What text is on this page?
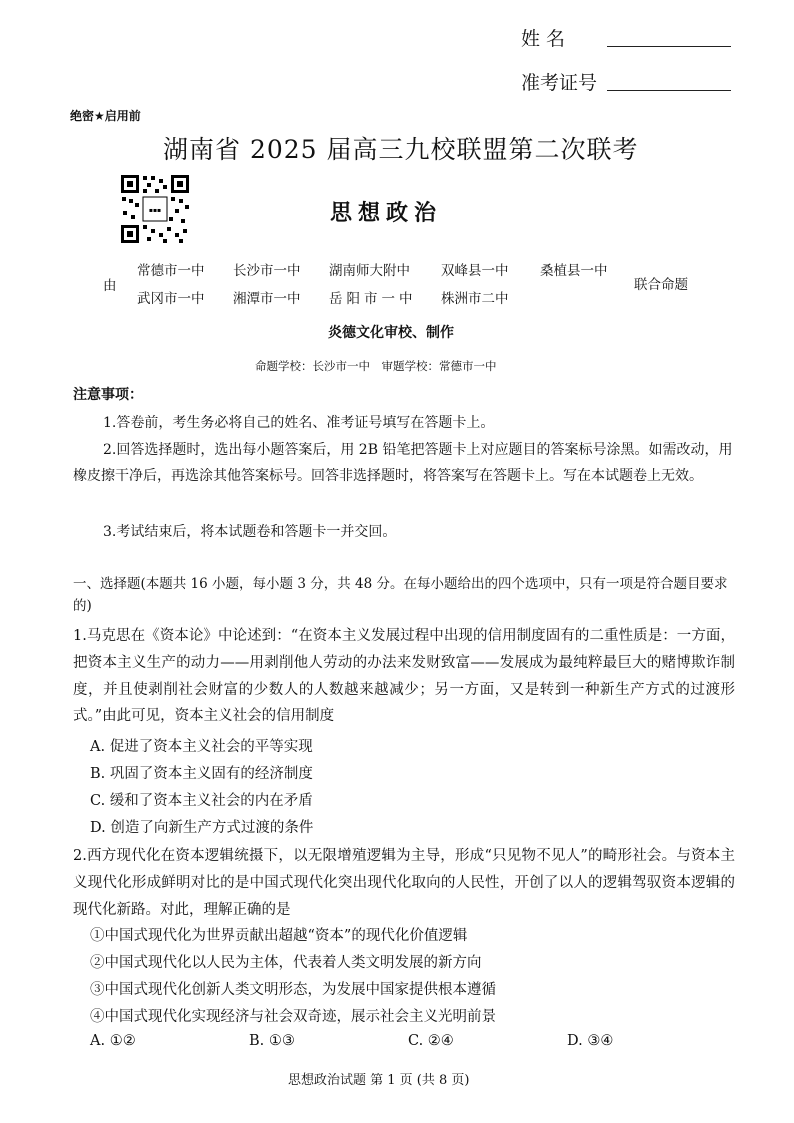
姓 名
准考证号
绝密★启用前
湖南省 2025 届高三九校联盟第二次联考
▪▪▪	思想政治
由
常德市一中 长沙市一中 湖南师大附中 双峰县一中 桑植县一中
武冈市一中 湘潭市一中 岳阳市一中 株洲市二中
联合命题
炎德文化审校、制作
命题学校：长沙市一中　审题学校：常德市一中
注意事项：
1.答卷前，考生务必将自己的姓名、准考证号填写在答题卡上。
2.回答选择题时，选出每小题答案后，用 2B 铅笔把答题卡上对应题目的答案标号涂黑。如需改动，用橡皮擦干净后，再选涂其他答案标号。回答非选择题时，将答案写在答题卡上。写在本试题卷上无效。
3.考试结束后，将本试题卷和答题卡一并交回。
一、选择题(本题共 16 小题，每小题 3 分，共 48 分。在每小题给出的四个选项中，只有一项是符合题目要求的)
1.马克思在《资本论》中论述到：“在资本主义发展过程中出现的信用制度固有的二重性质是：一方面，把资本主义生产的动力——用剥削他人劳动的办法来发财致富——发展成为最纯粹最巨大的赌博欺诈制度，并且使剥削社会财富的少数人的人数越来越减少；另一方面，又是转到一种新生产方式的过渡形式。”由此可见，资本主义社会的信用制度
A. 促进了资本主义社会的平等实现
B. 巩固了资本主义固有的经济制度
C. 缓和了资本主义社会的内在矛盾
D. 创造了向新生产方式过渡的条件
2.西方现代化在资本逻辑统摄下，以无限增殖逻辑为主导，形成“只见物不见人”的畸形社会。与资本主义现代化形成鲜明对比的是中国式现代化突出现代化取向的人民性，开创了以人的逻辑驾驭资本逻辑的现代化新路。对此，理解正确的是
①中国式现代化为世界贡献出超越“资本”的现代化价值逻辑
②中国式现代化以人民为主体，代表着人类文明发展的新方向
③中国式现代化创新人类文明形态，为发展中国家提供根本遵循
④中国式现代化实现经济与社会双奇迹，展示社会主义光明前景
A. ①②	B. ①③	C. ②④	D. ③④
思想政治试题 第 1 页 (共 8 页)
